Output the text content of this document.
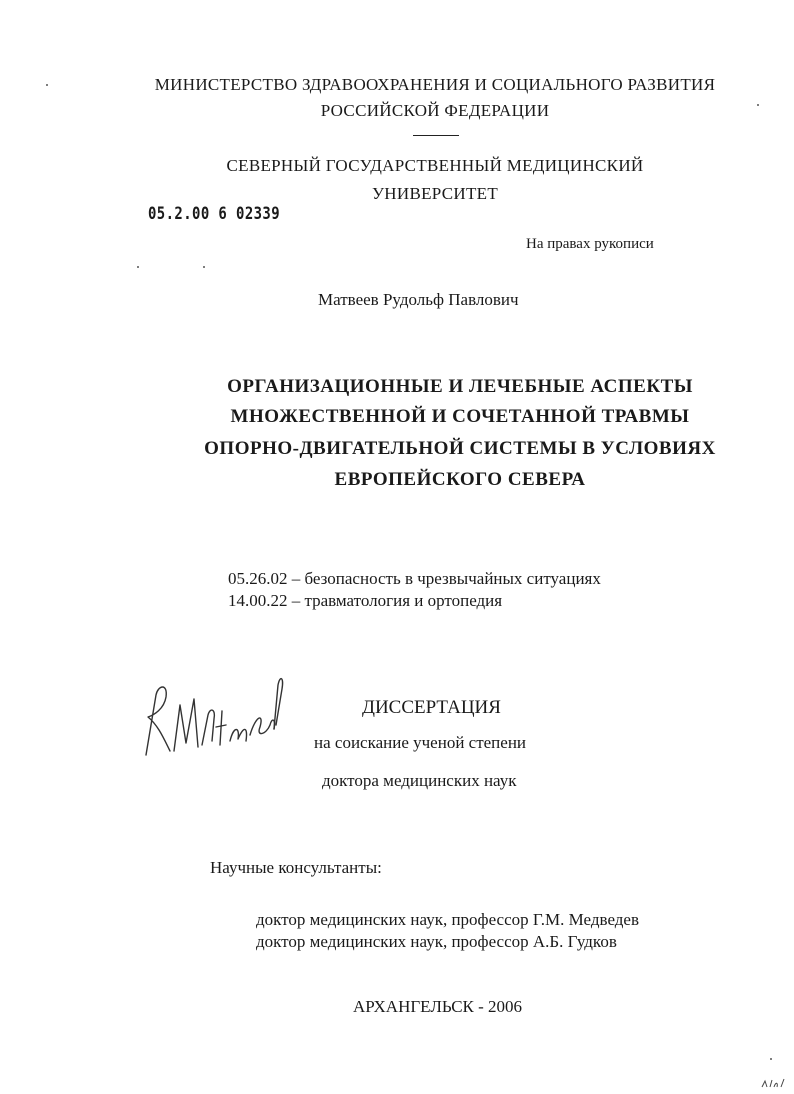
МИНИСТЕРСТВО ЗДРАВООХРАНЕНИЯ И СОЦИАЛЬНОГО РАЗВИТИЯ
РОССИЙСКОЙ ФЕДЕРАЦИИ
СЕВЕРНЫЙ ГОСУДАРСТВЕННЫЙ МЕДИЦИНСКИЙ
УНИВЕРСИТЕТ
05.2.00 6 02339
На правах рукописи
Матвеев Рудольф Павлович
ОРГАНИЗАЦИОННЫЕ И ЛЕЧЕБНЫЕ АСПЕКТЫ
МНОЖЕСТВЕННОЙ И СОЧЕТАННОЙ ТРАВМЫ
ОПОРНО-ДВИГАТЕЛЬНОЙ СИСТЕМЫ В УСЛОВИЯХ
ЕВРОПЕЙСКОГО СЕВЕРА
05.26.02 – безопасность в чрезвычайных ситуациях
14.00.22 – травматология и ортопедия
ДИССЕРТАЦИЯ
на соискание ученой степени
доктора медицинских наук
Научные консультанты:
доктор медицинских наук, профессор Г.М. Медведев
доктор медицинских наук, профессор А.Б. Гудков
АРХАНГЕЛЬСК - 2006
